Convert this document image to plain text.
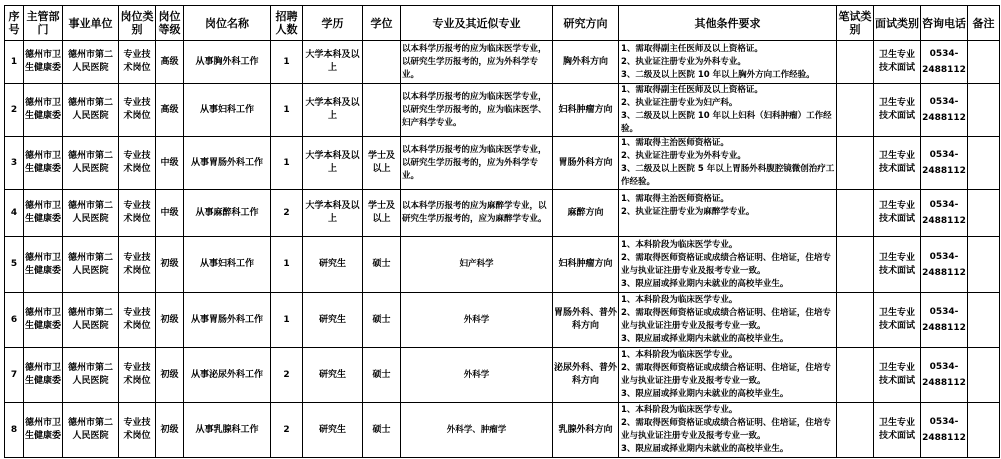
序号	主管部门	事业单位	岗位类别	岗位等级	岗位名称	招聘人数	学历	学位	专业及其近似专业	研究方向	其他条件要求	笔试类别	面试类别	咨询电话	备注
1	德州市卫生健康委	德州市第二人民医院	专业技术岗位	高级	从事胸外科工作	1	大学本科及以上		以本科学历报考的应为临床医学专业，以研究生学历报考的，应为外科学专业。	胸外科方向	1、需取得副主任医师及以上资格证。
2、执业证注册专业为外科专业。
3、二级及以上医院 10 年以上胸外方向工作经验。		卫生专业技术面试	0534-
2488112	

2	德州市卫生健康委	德州市第二人民医院	专业技术岗位	高级	从事妇科工作	1	大学本科及以上		以本科学历报考的应为临床医学专业，以研究生学历报考的，应为临床医学、妇产科学专业。	妇科肿瘤方向	1、需取得副主任医师及以上资格证。
2、执业证注册专业为妇产科。
3、二级及以上医院 10 年以上妇科（妇科肿瘤）工作经验。		卫生专业技术面试	0534-
2488112	

3	德州市卫生健康委	德州市第二人民医院	专业技术岗位	中级	从事胃肠外科工作	1	大学本科及以上	学士及以上	以本科学历报考的应为临床医学专业，以研究生学历报考的，应为外科学专业。	胃肠外科方向	1、需取得主治医师资格证。
2、执业证注册专业为外科专业。
3、二级及以上医院 5 年以上胃肠外科腹腔镜微创治疗工作经验。		卫生专业技术面试	0534-
2488112	

4	德州市卫生健康委	德州市第二人民医院	专业技术岗位	中级	从事麻醉科工作	2	大学本科及以上	学士及以上	以本科学历报考的应为麻醉学专业，以研究生学历报考的，应为麻醉学专业。	麻醉方向	1、需取得主治医师资格证。
2、执业证注册专业为麻醉学专业。		卫生专业技术面试	0534-
2488112	

5	德州市卫生健康委	德州市第二人民医院	专业技术岗位	初级	从事妇科工作	1	研究生	硕士	妇产科学	妇科肿瘤方向	1、本科阶段为临床医学专业。
2、需取得医师资格证或成绩合格证明、住培证，住培专业与执业证注册专业及报考专业一致。
3、限应届或择业期内未就业的高校毕业生。		卫生专业技术面试	0534-
2488112	

6	德州市卫生健康委	德州市第二人民医院	专业技术岗位	初级	从事胃肠外科工作	1	研究生	硕士	外科学	胃肠外科、普外科方向	1、本科阶段为临床医学专业。
2、需取得医师资格证或成绩合格证明、住培证，住培专业与执业证注册专业及报考专业一致。
3、限应届或择业期内未就业的高校毕业生。		卫生专业技术面试	0534-
2488112	

7	德州市卫生健康委	德州市第二人民医院	专业技术岗位	初级	从事泌尿外科工作	2	研究生	硕士	外科学	泌尿外科、普外科方向	1、本科阶段为临床医学专业。
2、需取得医师资格证或成绩合格证明、住培证，住培专业与执业证注册专业及报考专业一致。
3、限应届或择业期内未就业的高校毕业生。		卫生专业技术面试	0534-
2488112	

8	德州市卫生健康委	德州市第二人民医院	专业技术岗位	初级	从事乳腺科工作	2	研究生	硕士	外科学、肿瘤学	乳腺外科方向	1、本科阶段为临床医学专业。
2、需取得医师资格证或成绩合格证明、住培证，住培专业与执业证注册专业及报考专业一致。
3、限应届或择业期内未就业的高校毕业生。		卫生专业技术面试	0534-
2488112	
